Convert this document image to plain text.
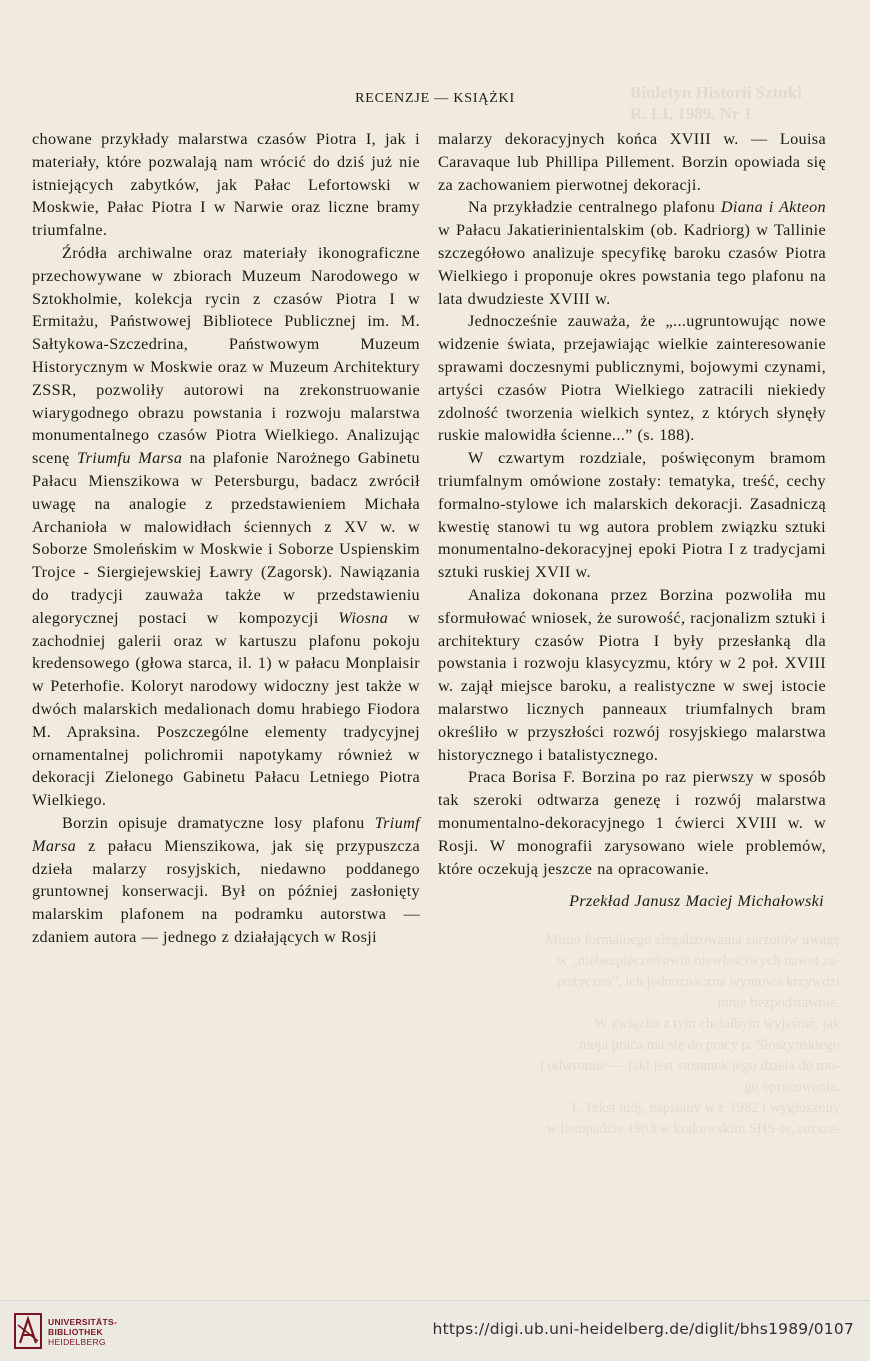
Biuletyn Historii Sztuki
R. LI, 1989, Nr 1
Mimo formalnego zlegalizowania zarzutów uwagę
w „niebezpieczeństwie niewłaściwych nawet za-
pożyczeń”, ich jednoznaczna wymowa krzywdzi
mnie bezpodstawnie.
W związku z tym chciałbym wyjaśnić, jak
moja praca ma się do pracy p. Słoszyńskiego
i odwrotnie — jaki jest stosunek jego dzieła do mo-
go opracowania.
1. Tekst mój, napisany w r. 1982 i wygłoszony
w listopadzie 1983 w krakowskim SHS-ie, rozsze-
RECENZJE — KSIĄŻKI

chowane przykłady malarstwa czasów Piotra I, jak i materiały, które pozwalają nam wrócić do dziś już nie istniejących zabytków, jak Pałac Lefortowski w Moskwie, Pałac Piotra I w Narwie oraz liczne bramy triumfalne.

Źródła archiwalne oraz materiały ikonograficzne przechowywane w zbiorach Muzeum Narodowego w Sztokholmie, kolekcja rycin z czasów Piotra I w Ermitażu, Państwowej Bibliotece Publicznej im. M. Sałtykowa-Szczedrina, Państwowym Muzeum Historycznym w Moskwie oraz w Muzeum Architektury ZSSR, pozwoliły autorowi na zrekonstruowanie wiarygodnego obrazu powstania i rozwoju malarstwa monumentalnego czasów Piotra Wielkiego. Analizując scenę Triumfu Marsa na plafonie Narożnego Gabinetu Pałacu Mienszikowa w Petersburgu, badacz zwrócił uwagę na analogie z przedstawieniem Michała Archanioła w malowidłach ściennych z XV w. w Soborze Smoleńskim w Moskwie i Soborze Uspienskim Trojce - Siergiejewskiej Ławry (Zagorsk). Nawiązania do tradycji zauważa także w przedstawieniu alegorycznej postaci w kompozycji Wiosna w zachodniej galerii oraz w kartuszu plafonu pokoju kredensowego (głowa starca, il. 1) w pałacu Monplaisir w Peterhofie. Koloryt narodowy widoczny jest także w dwóch malarskich medalionach domu hrabiego Fiodora M. Apraksina. Poszczególne elementy tradycyjnej ornamentalnej polichromii napotykamy również w dekoracji Zielonego Gabinetu Pałacu Letniego Piotra Wielkiego.

Borzin opisuje dramatyczne losy plafonu Triumf Marsa z pałacu Mienszikowa, jak się przypuszcza dzieła malarzy rosyjskich, niedawno poddanego gruntownej konserwacji. Był on później zasłonięty malarskim plafonem na podramku autorstwa — zdaniem autora — jednego z działających w Rosji

malarzy dekoracyjnych końca XVIII w. — Louisa Caravaque lub Phillipa Pillement. Borzin opowiada się za zachowaniem pierwotnej dekoracji.

Na przykładzie centralnego plafonu Diana i Akteon w Pałacu Jakatierinientalskim (ob. Kadriorg) w Tallinie szczegółowo analizuje specyfikę baroku czasów Piotra Wielkiego i proponuje okres powstania tego plafonu na lata dwudzieste XVIII w.

Jednocześnie zauważa, że „...ugruntowując nowe widzenie świata, przejawiając wielkie zainteresowanie sprawami doczesnymi publicznymi, bojowymi czynami, artyści czasów Piotra Wielkiego zatracili niekiedy zdolność tworzenia wielkich syntez, z których słynęły ruskie malowidła ścienne...” (s. 188).

W czwartym rozdziale, poświęconym bramom triumfalnym omówione zostały: tematyka, treść, cechy formalno-stylowe ich malarskich dekoracji. Zasadniczą kwestię stanowi tu wg autora problem związku sztuki monumentalno-dekoracyjnej epoki Piotra I z tradycjami sztuki ruskiej XVII w.

Analiza dokonana przez Borzina pozwoliła mu sformułować wniosek, że surowość, racjonalizm sztuki i architektury czasów Piotra I były przesłanką dla powstania i rozwoju klasycyzmu, który w 2 poł. XVIII w. zajął miejsce baroku, a realistyczne w swej istocie malarstwo licznych panneaux triumfalnych bram określiło w przyszłości rozwój rosyjskiego malarstwa historycznego i batalistycznego.

Praca Borisa F. Borzina po raz pierwszy w sposób tak szeroki odtwarza genezę i rozwój malarstwa monumentalno-dekoracyjnego 1 ćwierci XVIII w. w Rosji. W monografii zarysowano wiele problemów, które oczekują jeszcze na opracowanie.

Przekład Janusz Maciej Michałowski

UNIVERSITÄTS-
BIBLIOTHEK
HEIDELBERG
https://digi.ub.uni-heidelberg.de/diglit/bhs1989/0107
